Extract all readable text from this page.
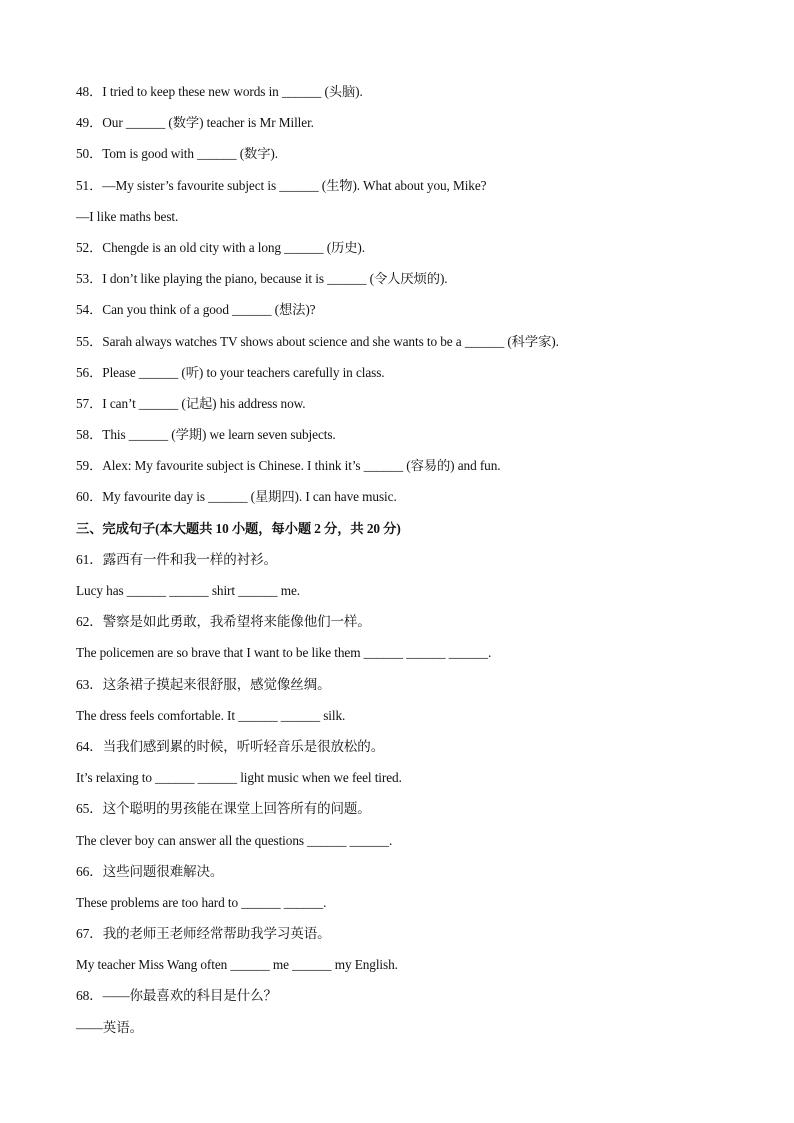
48．I tried to keep these new words in ______ (头脑).
49．Our ______ (数学) teacher is Mr Miller.
50．Tom is good with ______ (数字).
51．—My sister’s favourite subject is ______ (生物). What about you, Mike?
—I like maths best.
52．Chengde is an old city with a long ______ (历史).
53．I don’t like playing the piano, because it is ______ (令人厌烦的).
54．Can you think of a good ______ (想法)?
55．Sarah always watches TV shows about science and she wants to be a ______ (科学家).
56．Please ______ (听) to your teachers carefully in class.
57．I can’t ______ (记起) his address now.
58．This ______ (学期) we learn seven subjects.
59．Alex: My favourite subject is Chinese. I think it’s ______ (容易的) and fun.
60．My favourite day is ______ (星期四). I can have music.
三、完成句子(本大题共 10 小题，每小题 2 分，共 20 分)
61．露西有一件和我一样的衬衫。
Lucy has ______ ______ shirt ______ me.
62．警察是如此勇敢，我希望将来能像他们一样。
The policemen are so brave that I want to be like them ______ ______ ______.
63．这条裙子摸起来很舒服，感觉像丝绸。
The dress feels comfortable. It ______ ______ silk.
64．当我们感到累的时候，听听轻音乐是很放松的。
It’s relaxing to ______ ______ light music when we feel tired.
65．这个聪明的男孩能在课堂上回答所有的问题。
The clever boy can answer all the questions ______ ______.
66．这些问题很难解决。
These problems are too hard to ______ ______.
67．我的老师王老师经常帮助我学习英语。
My teacher Miss Wang often ______ me ______ my English.
68．——你最喜欢的科目是什么？
——英语。
